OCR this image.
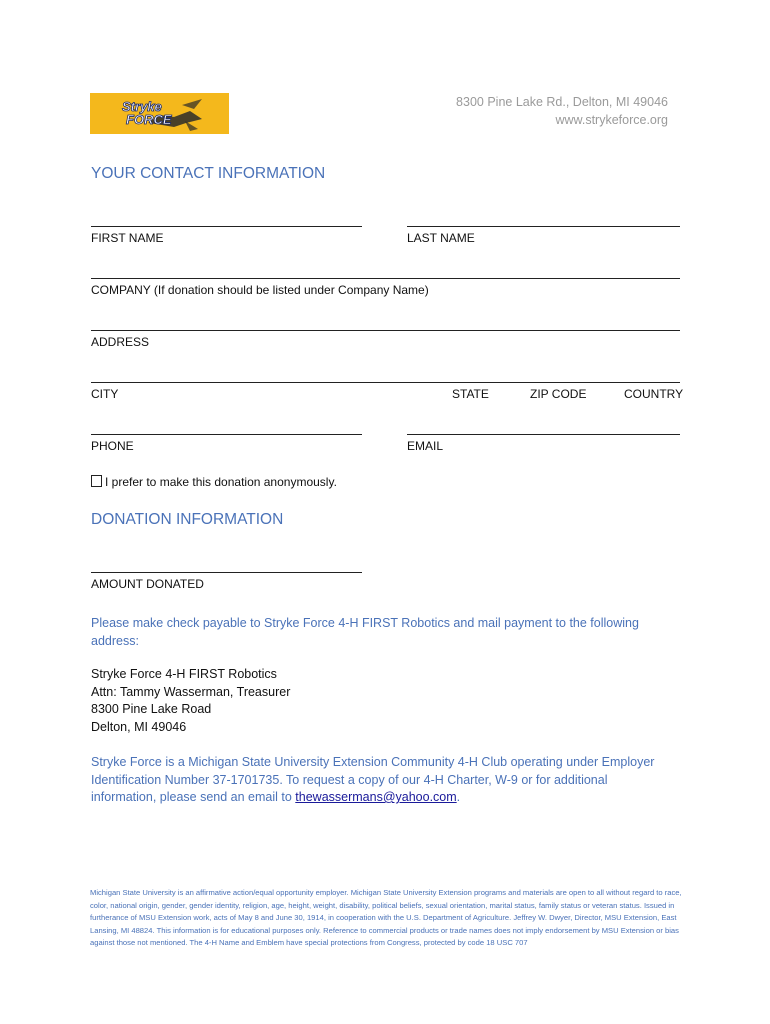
Stryke
FORCE
8300 Pine Lake Rd., Delton, MI 49046
www.strykeforce.org
YOUR CONTACT INFORMATION
FIRST NAME	LAST NAME
COMPANY (If donation should be listed under Company Name)
ADDRESS
CITY	STATE	ZIP CODE	COUNTRY
PHONE	EMAIL
I prefer to make this donation anonymously.
DONATION INFORMATION
AMOUNT DONATED
Please make check payable to Stryke Force 4-H FIRST Robotics and mail payment to the following address:
Stryke Force 4-H FIRST Robotics
Attn: Tammy Wasserman, Treasurer
8300 Pine Lake Road
Delton, MI 49046
Stryke Force is a Michigan State University Extension Community 4-H Club operating under Employer Identification Number 37-1701735. To request a copy of our 4-H Charter, W-9 or for additional information, please send an email to thewassermans@yahoo.com.
Michigan State University is an affirmative action/equal opportunity employer. Michigan State University Extension programs and materials are open to all without regard to race, color, national origin, gender, gender identity, religion, age, height, weight, disability, political beliefs, sexual orientation, marital status, family status or veteran status. Issued in furtherance of MSU Extension work, acts of May 8 and June 30, 1914, in cooperation with the U.S. Department of Agriculture. Jeffrey W. Dwyer, Director, MSU Extension, East Lansing, MI 48824. This information is for educational purposes only. Reference to commercial products or trade names does not imply endorsement by MSU Extension or bias against those not mentioned. The 4-H Name and Emblem have special protections from Congress, protected by code 18 USC 707
